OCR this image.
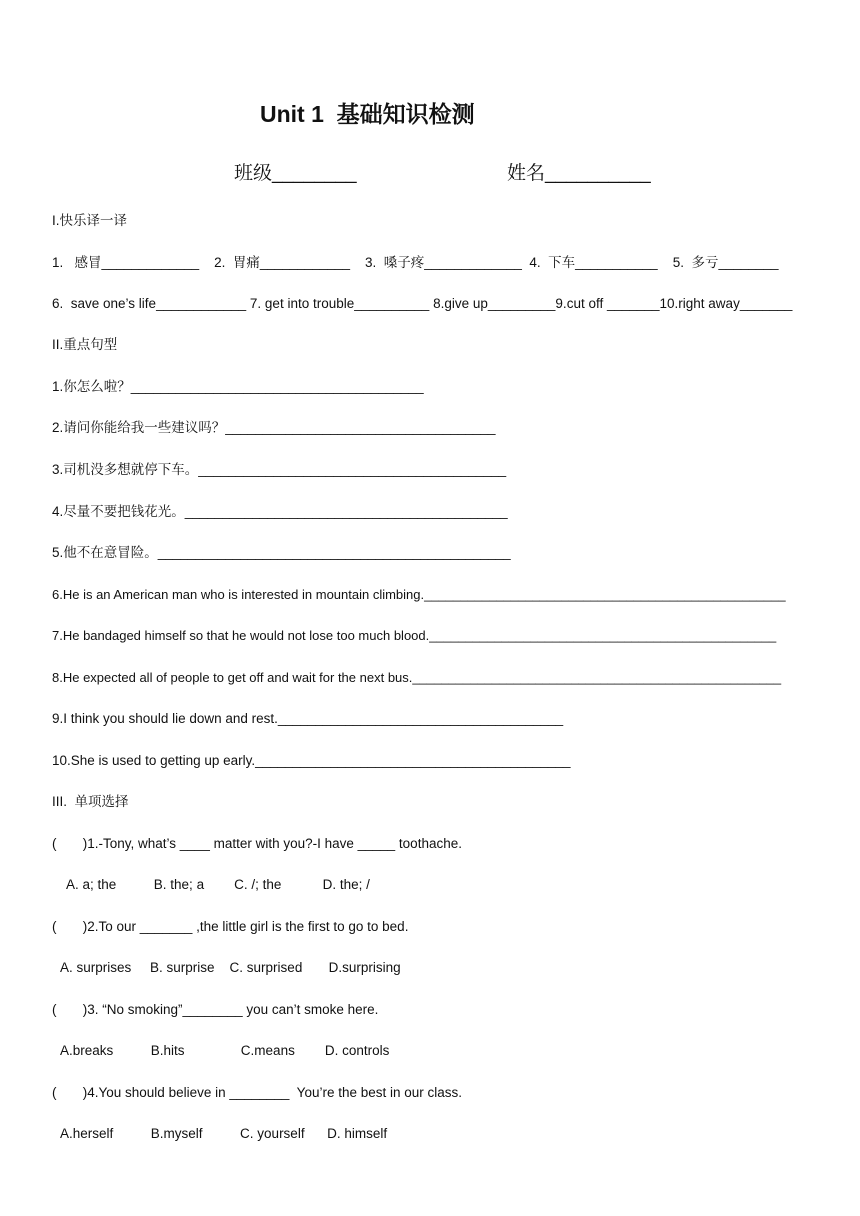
Unit 1  基础知识检测
班级________	姓名__________
I.快乐译一译
1.   感冒_____________    2.  胃痛____________    3.  嗓子疼_____________  4.  下车___________    5.  多亏________
6.  save one’s life____________ 7. get into trouble__________ 8.give up_________9.cut off _______10.right away_______
II.重点句型
1.你怎么啦？_______________________________________
2.请问你能给我一些建议吗？____________________________________
3.司机没多想就停下车。_________________________________________
4.尽量不要把钱花光。___________________________________________
5.他不在意冒险。_______________________________________________
6.He is an American man who is interested in mountain climbing.__________________________________________________
7.He bandaged himself so that he would not lose too much blood.________________________________________________
8.He expected all of people to get off and wait for the next bus.___________________________________________________
9.I think you should lie down and rest.______________________________________
10.She is used to getting up early.__________________________________________
III.  单项选择
(       )1.-Tony, what’s ____ matter with you?-I have _____ toothache.
A. a; the          B. the; a        C. /; the           D. the; /
(       )2.To our _______ ,the little girl is the first to go to bed.
A. surprises     B. surprise    C. surprised       D.surprising
(       )3. “No smoking”________ you can’t smoke here.
A.breaks          B.hits               C.means        D. controls
(       )4.You should believe in ________  You’re the best in our class.
A.herself          B.myself          C. yourself      D. himself
